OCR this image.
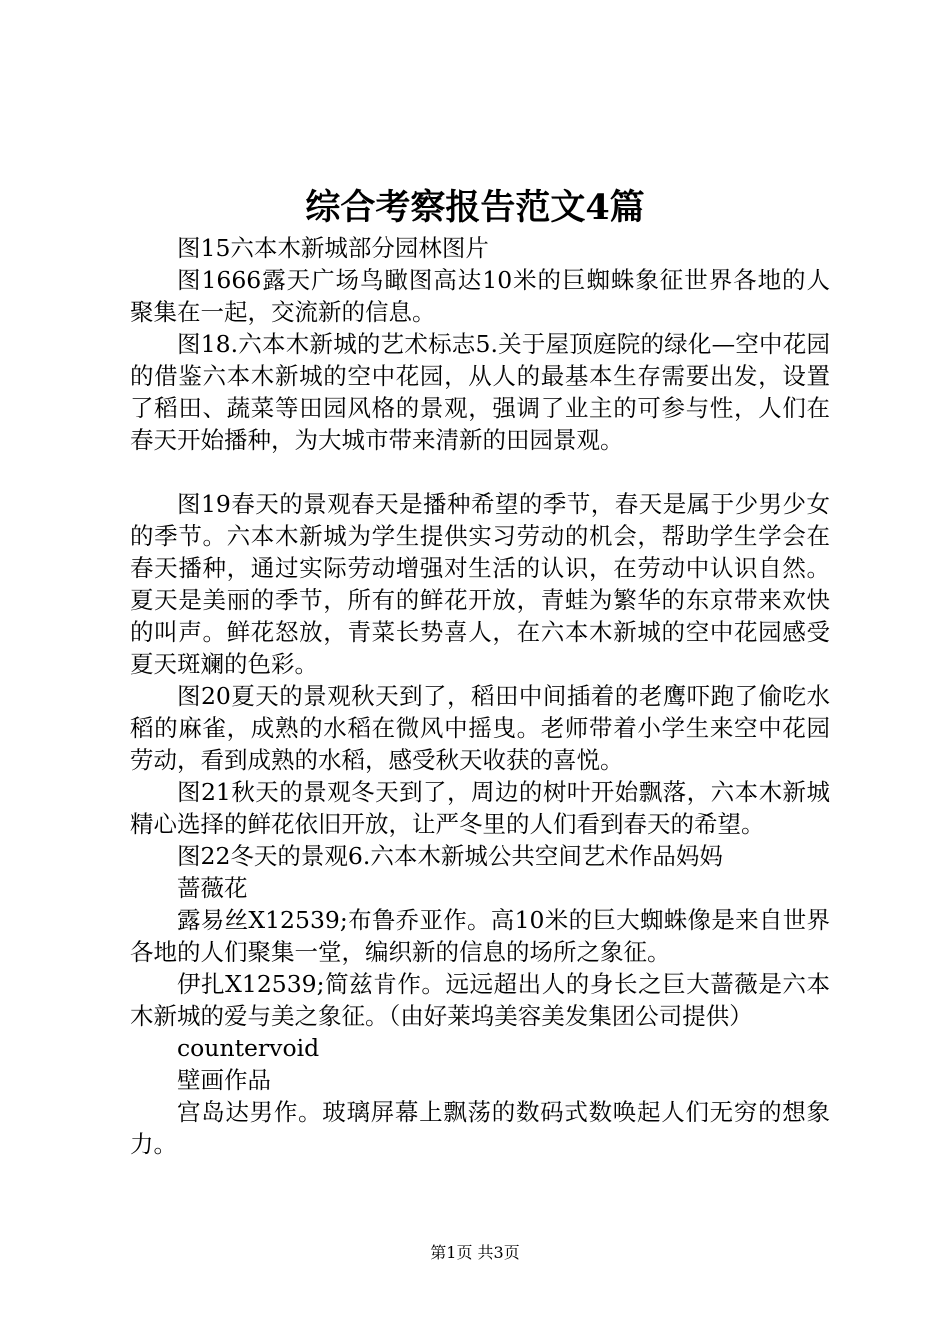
综合考察报告范文4篇

图15六本木新城部分园林图片

图1666露天广场鸟瞰图高达10米的巨蜘蛛象征世界各地的人聚集在一起，交流新的信息。

图18.六本木新城的艺术标志5.关于屋顶庭院的绿化—空中花园的借鉴六本木新城的空中花园，从人的最基本生存需要出发，设置了稻田、蔬菜等田园风格的景观，强调了业主的可参与性，人们在春天开始播种，为大城市带来清新的田园景观。

图19春天的景观春天是播种希望的季节，春天是属于少男少女的季节。六本木新城为学生提供实习劳动的机会，帮助学生学会在春天播种，通过实际劳动增强对生活的认识，在劳动中认识自然。夏天是美丽的季节，所有的鲜花开放，青蛙为繁华的东京带来欢快的叫声。鲜花怒放，青菜长势喜人，在六本木新城的空中花园感受夏天斑斓的色彩。

图20夏天的景观秋天到了，稻田中间插着的老鹰吓跑了偷吃水稻的麻雀，成熟的水稻在微风中摇曳。老师带着小学生来空中花园劳动，看到成熟的水稻，感受秋天收获的喜悦。

图21秋天的景观冬天到了，周边的树叶开始飘落，六本木新城精心选择的鲜花依旧开放，让严冬里的人们看到春天的希望。

图22冬天的景观6.六本木新城公共空间艺术作品妈妈

蔷薇花

露易丝X12539;布鲁乔亚作。高10米的巨大蜘蛛像是来自世界各地的人们聚集一堂，编织新的信息的场所之象征。

伊扎X12539;简兹肯作。远远超出人的身长之巨大蔷薇是六本木新城的爱与美之象征。（由好莱坞美容美发集团公司提供）

countervoid

壁画作品

宫岛达男作。玻璃屏幕上飘荡的数码式数唤起人们无穷的想象力。

第1页 共3页
